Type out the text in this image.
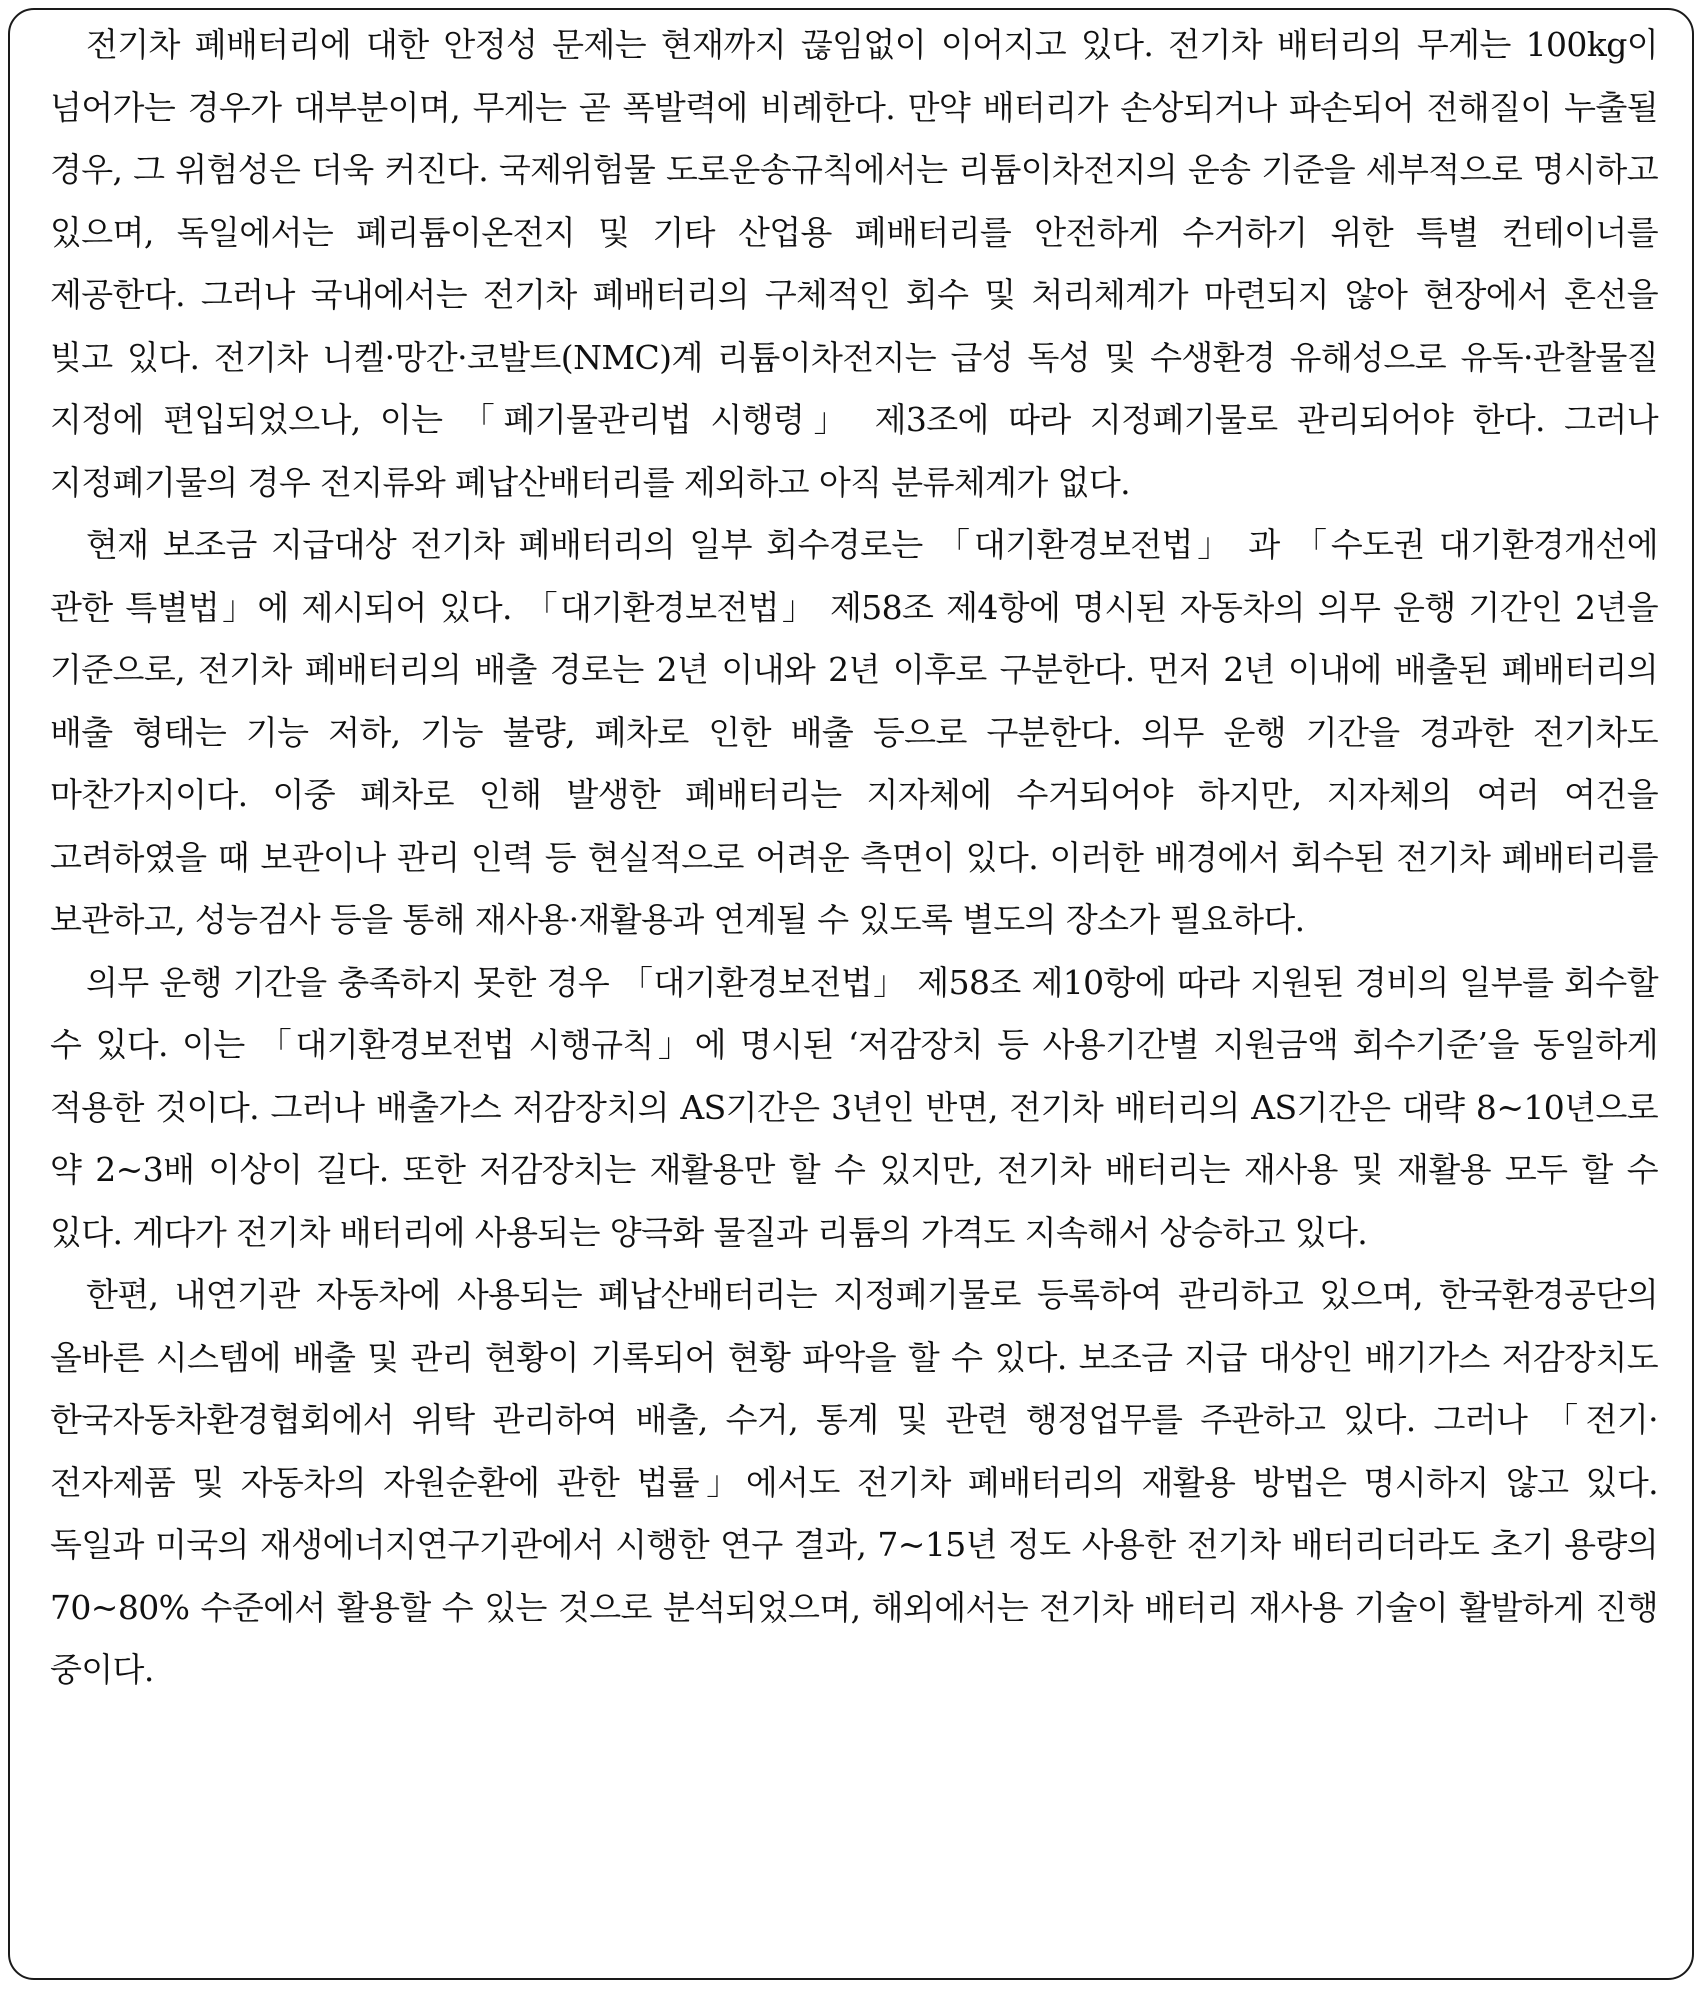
전기차 폐배터리에 대한 안정성 문제는 현재까지 끊임없이 이어지고 있다. 전기차 배터리의 무게는 100kg이 넘어가는 경우가 대부분이며, 무게는 곧 폭발력에 비례한다. 만약 배터리가 손상되거나 파손되어 전해질이 누출될 경우, 그 위험성은 더욱 커진다. 국제위험물 도로운송규칙에서는 리튬이차전지의 운송 기준을 세부적으로 명시하고 있으며, 독일에서는 폐리튬이온전지 및 기타 산업용 폐배터리를 안전하게 수거하기 위한 특별 컨테이너를 제공한다. 그러나 국내에서는 전기차 폐배터리의 구체적인 회수 및 처리체계가 마련되지 않아 현장에서 혼선을 빚고 있다. 전기차 니켈·망간·코발트(NMC)계 리튬이차전지는 급성 독성 및 수생환경 유해성으로 유독·관찰물질 지정에 편입되었으나, 이는 「폐기물관리법 시행령」 제3조에 따라 지정폐기물로 관리되어야 한다. 그러나 지정폐기물의 경우 전지류와 폐납산배터리를 제외하고 아직 분류체계가 없다.

현재 보조금 지급대상 전기차 폐배터리의 일부 회수경로는 「대기환경보전법」 과 「수도권 대기환경개선에 관한 특별법」에 제시되어 있다. 「대기환경보전법」 제58조 제4항에 명시된 자동차의 의무 운행 기간인 2년을 기준으로, 전기차 폐배터리의 배출 경로는 2년 이내와 2년 이후로 구분한다. 먼저 2년 이내에 배출된 폐배터리의 배출 형태는 기능 저하, 기능 불량, 폐차로 인한 배출 등으로 구분한다. 의무 운행 기간을 경과한 전기차도 마찬가지이다. 이중 폐차로 인해 발생한 폐배터리는 지자체에 수거되어야 하지만, 지자체의 여러 여건을 고려하였을 때 보관이나 관리 인력 등 현실적으로 어려운 측면이 있다. 이러한 배경에서 회수된 전기차 폐배터리를 보관하고, 성능검사 등을 통해 재사용·재활용과 연계될 수 있도록 별도의 장소가 필요하다.

의무 운행 기간을 충족하지 못한 경우 「대기환경보전법」 제58조 제10항에 따라 지원된 경비의 일부를 회수할 수 있다. 이는 「대기환경보전법 시행규칙」에 명시된 ‘저감장치 등 사용기간별 지원금액 회수기준’을 동일하게 적용한 것이다. 그러나 배출가스 저감장치의 AS기간은 3년인 반면, 전기차 배터리의 AS기간은 대략 8~10년으로 약 2~3배 이상이 길다. 또한 저감장치는 재활용만 할 수 있지만, 전기차 배터리는 재사용 및 재활용 모두 할 수 있다. 게다가 전기차 배터리에 사용되는 양극화 물질과 리튬의 가격도 지속해서 상승하고 있다.

한편, 내연기관 자동차에 사용되는 폐납산배터리는 지정폐기물로 등록하여 관리하고 있으며, 한국환경공단의 올바른 시스템에 배출 및 관리 현황이 기록되어 현황 파악을 할 수 있다. 보조금 지급 대상인 배기가스 저감장치도 한국자동차환경협회에서 위탁 관리하여 배출, 수거, 통계 및 관련 행정업무를 주관하고 있다. 그러나 「전기·전자제품 및 자동차의 자원순환에 관한 법률」에서도 전기차 폐배터리의 재활용 방법은 명시하지 않고 있다. 독일과 미국의 재생에너지연구기관에서 시행한 연구 결과, 7~15년 정도 사용한 전기차 배터리더라도 초기 용량의 70~80% 수준에서 활용할 수 있는 것으로 분석되었으며, 해외에서는 전기차 배터리 재사용 기술이 활발하게 진행 중이다.
